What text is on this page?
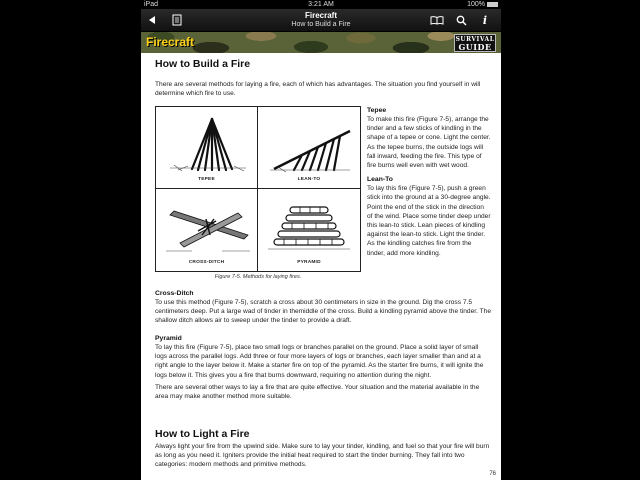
iPad	3:21 AM	100%
Firecraft
How to Build a Fire	i
Firecraft	SURVIVAL
GUIDE
How to Build a Fire

There are several methods for laying a fire, each of which has advantages. The situation you find yourself in will determine which fire to use.

TEPEE	LEAN-TO
CROSS-DITCH	PYRAMID
Figure 7-5. Methods for laying fires.
Tepee

To make this fire (Figure 7-5), arrange the tinder and a few sticks of kindling in the shape of a tepee or cone. Light the center. As the tepee burns, the outside logs will fall inward, feeding the fire. This type of fire burns well even with wet wood.

Lean-To

To lay this fire (Figure 7-5), push a green stick into the ground at a 30-degree angle. Point the end of the stick in the direction of the wind. Place some tinder deep under this lean-to stick. Lean pieces of kindling against the lean-to stick. Light the tinder. As the kindling catches fire from the tinder, add more kindling.

Cross-Ditch

To use this method (Figure 7-5), scratch a cross about 30 centimeters in size in the ground. Dig the cross 7.5 centimeters deep. Put a large wad of tinder in themiddle of the cross. Build a kindling pyramid above the tinder. The shallow ditch allows air to sweep under the tinder to provide a draft.

Pyramid

To lay this fire (Figure 7-5), place two small logs or branches parallel on the ground. Place a solid layer of small logs across the parallel logs. Add three or four more layers of logs or branches, each layer smaller than and at a right angle to the layer below it. Make a starter fire on top of the pyramid. As the starter fire burns, it will ignite the logs below it. This gives you a fire that burns downward, requiring no attention during the night.

There are several other ways to lay a fire that are quite effective. Your situation and the material available in the area may make another method more suitable.

How to Light a Fire

Always light your fire from the upwind side. Make sure to lay your tinder, kindling, and fuel so that your fire will burn as long as you need it. Igniters provide the initial heat required to start the tinder burning. They fall into two categories: modern methods and primitive methods.

76
